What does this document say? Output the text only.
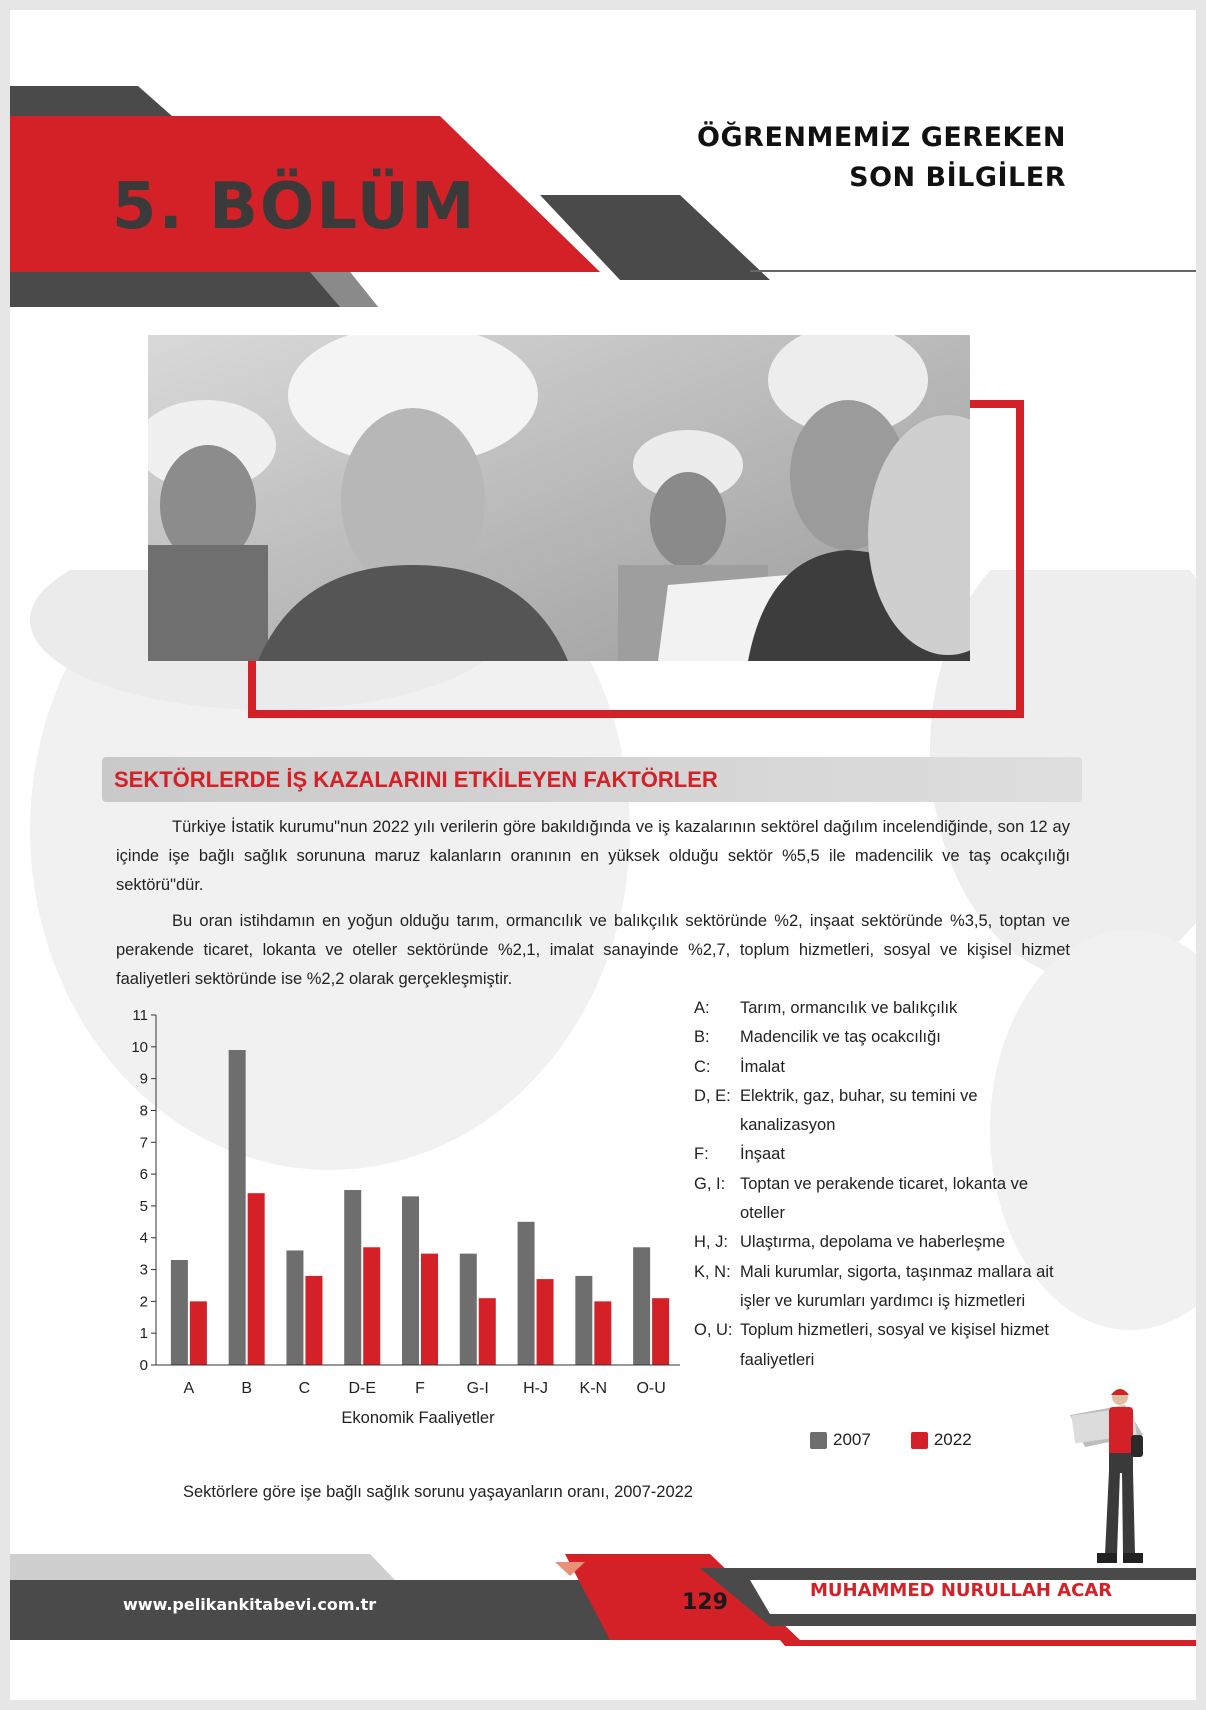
5. BÖLÜM
ÖĞRENMEMİZ GEREKEN
SON BİLGİLER
SEKTÖRLERDE İŞ KAZALARINI ETKİLEYEN FAKTÖRLER

Türkiye İstatik kurumu"nun 2022 yılı verilerin göre bakıldığında ve iş kazalarının sektörel dağılım incelendiğinde, son 12 ay içinde işe bağlı sağlık sorununa maruz kalanların oranının en yüksek olduğu sektör %5,5 ile madencilik ve taş ocakçılığı sektörü"dür.

Bu oran istihdamın en yoğun olduğu tarım, ormancılık ve balıkçılık sektöründe %2, inşaat sektöründe %3,5, toptan ve perakende ticaret, lokanta ve oteller sektöründe %2,1, imalat sanayinde %2,7, toplum hizmetleri, sosyal ve kişisel hizmet faaliyetleri sektöründe ise %2,2 olarak gerçekleşmiştir.

0
1
2
3
4
5
6
7
8
9
10
11
A	B	C D-E F	G-I H-J K-N O-U
Ekonomik Faaliyetler
A:	Tarım, ormancılık ve balıkçılık
B:	Madencilik ve taş ocakcılığı
C:	İmalat
D, E: Elektrik, gaz, buhar, su temini ve kanalizasyon
F:	İnşaat
G, I: Toptan ve perakende ticaret, lokanta ve oteller
H, J: Ulaştırma, depolama ve haberleşme
K, N: Mali kurumlar, sigorta, taşınmaz mallara ait işler ve kurumları yardımcı iş hizmetleri
O, U: Toplum hizmetleri, sosyal ve kişisel hizmet faaliyetleri
2007	2022
Sektörlere göre işe bağlı sağlık sorunu yaşayanların oranı, 2007-2022
www.pelikankitabevi.com.tr	129	MUHAMMED NURULLAH ACAR
